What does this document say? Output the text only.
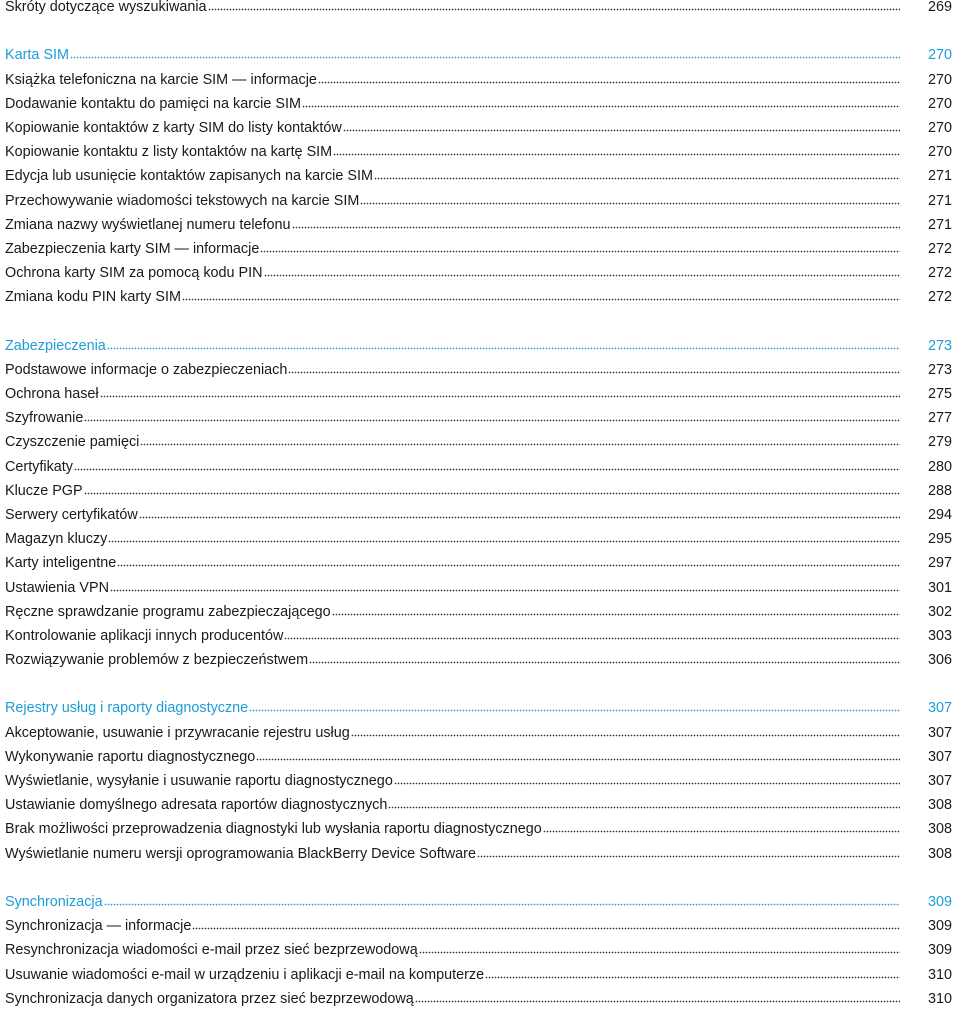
Skróty dotyczące wyszukiwania	269
Karta SIM	270
Książka telefoniczna na karcie SIM — informacje	270
Dodawanie kontaktu do pamięci na karcie SIM	270
Kopiowanie kontaktów z karty SIM do listy kontaktów	270
Kopiowanie kontaktu z listy kontaktów na kartę SIM	270
Edycja lub usunięcie kontaktów zapisanych na karcie SIM	271
Przechowywanie wiadomości tekstowych na karcie SIM	271
Zmiana nazwy wyświetlanej numeru telefonu	271
Zabezpieczenia karty SIM — informacje	272
Ochrona karty SIM za pomocą kodu PIN	272
Zmiana kodu PIN karty SIM	272
Zabezpieczenia	273
Podstawowe informacje o zabezpieczeniach	273
Ochrona haseł	275
Szyfrowanie	277
Czyszczenie pamięci	279
Certyfikaty	280
Klucze PGP	288
Serwery certyfikatów	294
Magazyn kluczy	295
Karty inteligentne	297
Ustawienia VPN	301
Ręczne sprawdzanie programu zabezpieczającego	302
Kontrolowanie aplikacji innych producentów	303
Rozwiązywanie problemów z bezpieczeństwem	306
Rejestry usług i raporty diagnostyczne	307
Akceptowanie, usuwanie i przywracanie rejestru usług	307
Wykonywanie raportu diagnostycznego	307
Wyświetlanie, wysyłanie i usuwanie raportu diagnostycznego	307
Ustawianie domyślnego adresata raportów diagnostycznych	308
Brak możliwości przeprowadzenia diagnostyki lub wysłania raportu diagnostycznego	308
Wyświetlanie numeru wersji oprogramowania BlackBerry Device Software	308
Synchronizacja	309
Synchronizacja — informacje	309
Resynchronizacja wiadomości e-mail przez sieć bezprzewodową	309
Usuwanie wiadomości e-mail w urządzeniu i aplikacji e-mail na komputerze	310
Synchronizacja danych organizatora przez sieć bezprzewodową	310
